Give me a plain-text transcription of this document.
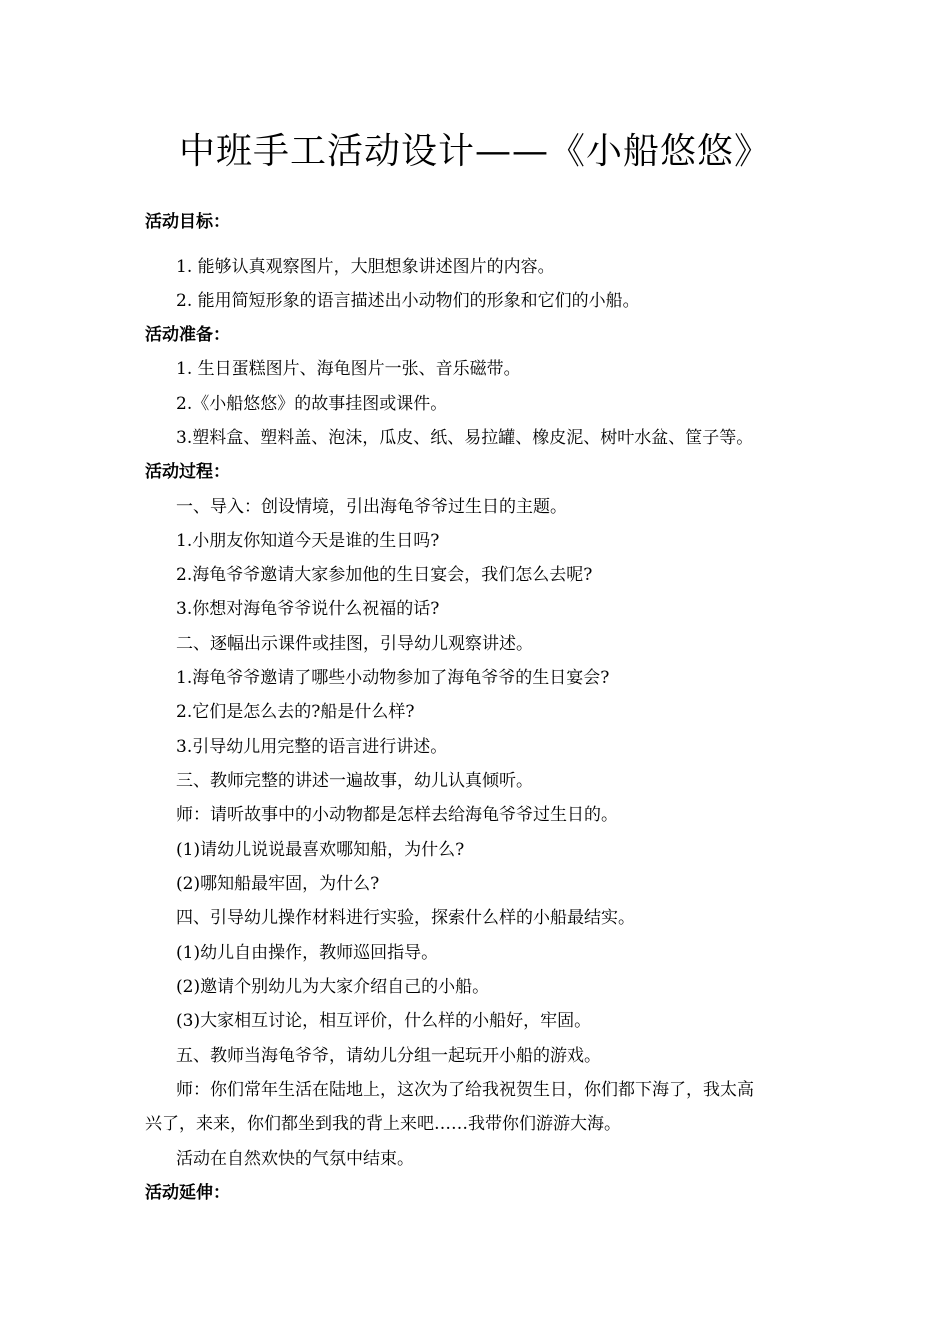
中班手工活动设计——《小船悠悠》
活动目标：
1. 能够认真观察图片，大胆想象讲述图片的内容。
2. 能用简短形象的语言描述出小动物们的形象和它们的小船。
活动准备：
1. 生日蛋糕图片、海龟图片一张、音乐磁带。
2.《小船悠悠》的故事挂图或课件。
3.塑料盒、塑料盖、泡沫，瓜皮、纸、易拉罐、橡皮泥、树叶水盆、筐子等。
活动过程：
一、导入：创设情境，引出海龟爷爷过生日的主题。
1.小朋友你知道今天是谁的生日吗?
2.海龟爷爷邀请大家参加他的生日宴会，我们怎么去呢?
3.你想对海龟爷爷说什么祝福的话?
二、逐幅出示课件或挂图，引导幼儿观察讲述。
1.海龟爷爷邀请了哪些小动物参加了海龟爷爷的生日宴会?
2.它们是怎么去的?船是什么样?
3.引导幼儿用完整的语言进行讲述。
三、教师完整的讲述一遍故事，幼儿认真倾听。
师：请听故事中的小动物都是怎样去给海龟爷爷过生日的。
(1)请幼儿说说最喜欢哪知船，为什么?
(2)哪知船最牢固，为什么?
四、引导幼儿操作材料进行实验，探索什么样的小船最结实。
(1)幼儿自由操作，教师巡回指导。
(2)邀请个别幼儿为大家介绍自己的小船。
(3)大家相互讨论，相互评价，什么样的小船好，牢固。
五、教师当海龟爷爷，请幼儿分组一起玩开小船的游戏。
师：你们常年生活在陆地上，这次为了给我祝贺生日，你们都下海了，我太高
兴了，来来，你们都坐到我的背上来吧……我带你们游游大海。
活动在自然欢快的气氛中结束。
活动延伸：
